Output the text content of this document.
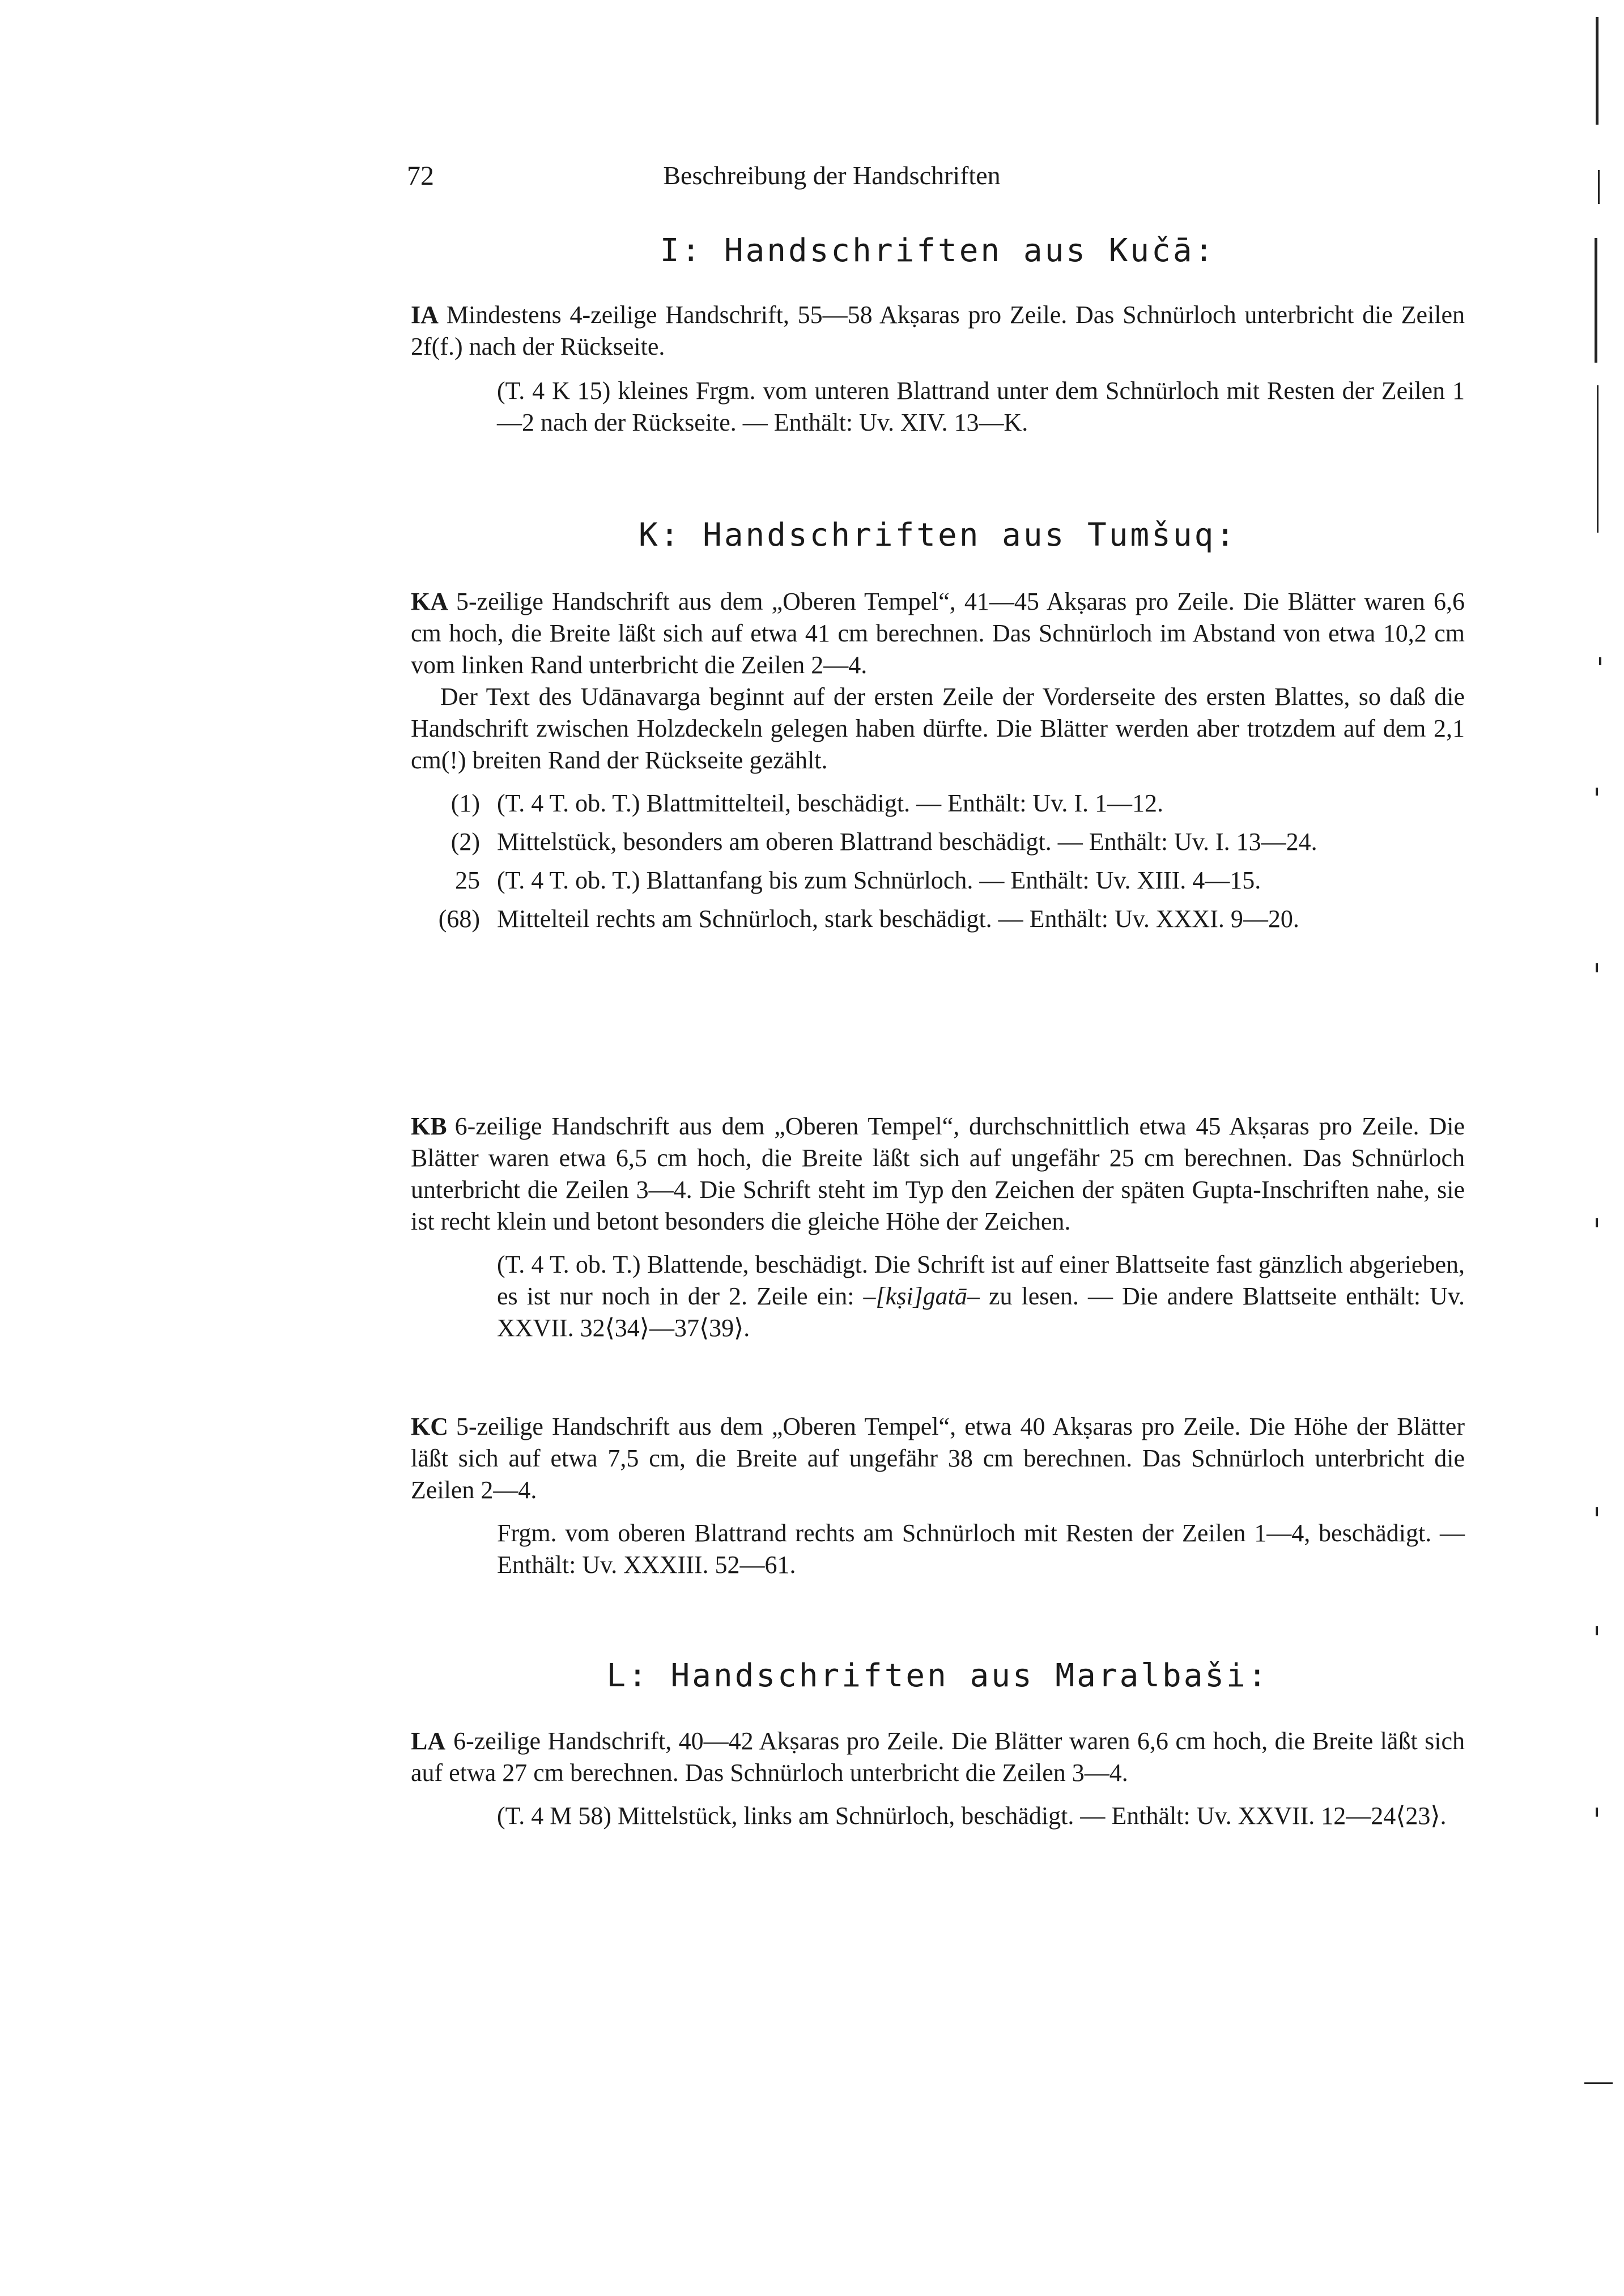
72	Beschreibung der Handschriften
I: Handschriften aus Kučā:

IA Mindestens 4-zeilige Handschrift, 55—58 Akṣaras pro Zeile. Das Schnürloch unterbricht die Zeilen 2f(f.) nach der Rückseite.

(T. 4 K 15) kleines Frgm. vom unteren Blattrand unter dem Schnürloch mit Resten der Zeilen 1—2 nach der Rückseite. — Enthält: Uv. XIV. 13—K.

K: Handschriften aus Tumšuq:

KA 5-zeilige Handschrift aus dem „Oberen Tempel“, 41—45 Akṣaras pro Zeile. Die Blätter waren 6,6 cm hoch, die Breite läßt sich auf etwa 41 cm berechnen. Das Schnürloch im Abstand von etwa 10,2 cm vom linken Rand unterbricht die Zeilen 2—4.

Der Text des Udānavarga beginnt auf der ersten Zeile der Vorderseite des ersten Blattes, so daß die Handschrift zwischen Holzdeckeln gelegen haben dürfte. Die Blätter werden aber trotzdem auf dem 2,1 cm(!) breiten Rand der Rückseite gezählt.

(1) (T. 4 T. ob. T.) Blattmittelteil, beschädigt. — Enthält: Uv. I. 1—12.
(2) Mittelstück, besonders am oberen Blattrand beschädigt. — Enthält: Uv. I. 13—24.
25 (T. 4 T. ob. T.) Blattanfang bis zum Schnürloch. — Enthält: Uv. XIII. 4—15.
(68) Mittelteil rechts am Schnürloch, stark beschädigt. — Enthält: Uv. XXXI. 9—20.

KB 6-zeilige Handschrift aus dem „Oberen Tempel“, durchschnittlich etwa 45 Akṣaras pro Zeile. Die Blätter waren etwa 6,5 cm hoch, die Breite läßt sich auf ungefähr 25 cm berechnen. Das Schnürloch unterbricht die Zeilen 3—4. Die Schrift steht im Typ den Zeichen der späten Gupta-Inschriften nahe, sie ist recht klein und betont besonders die gleiche Höhe der Zeichen.

(T. 4 T. ob. T.) Blattende, beschädigt. Die Schrift ist auf einer Blattseite fast gänzlich abgerieben, es ist nur noch in der 2. Zeile ein: –[kṣi]gatā– zu lesen. — Die andere Blattseite enthält: Uv. XXVII. 32⟨34⟩—37⟨39⟩.

KC 5-zeilige Handschrift aus dem „Oberen Tempel“, etwa 40 Akṣaras pro Zeile. Die Höhe der Blätter läßt sich auf etwa 7,5 cm, die Breite auf ungefähr 38 cm berechnen. Das Schnürloch unterbricht die Zeilen 2—4.

Frgm. vom oberen Blattrand rechts am Schnürloch mit Resten der Zeilen 1—4, beschädigt. — Enthält: Uv. XXXIII. 52—61.

L: Handschriften aus Maralbaši:

LA 6-zeilige Handschrift, 40—42 Akṣaras pro Zeile. Die Blätter waren 6,6 cm hoch, die Breite läßt sich auf etwa 27 cm berechnen. Das Schnürloch unterbricht die Zeilen 3—4.

(T. 4 M 58) Mittelstück, links am Schnürloch, beschädigt. — Enthält: Uv. XXVII. 12—24⟨23⟩.
